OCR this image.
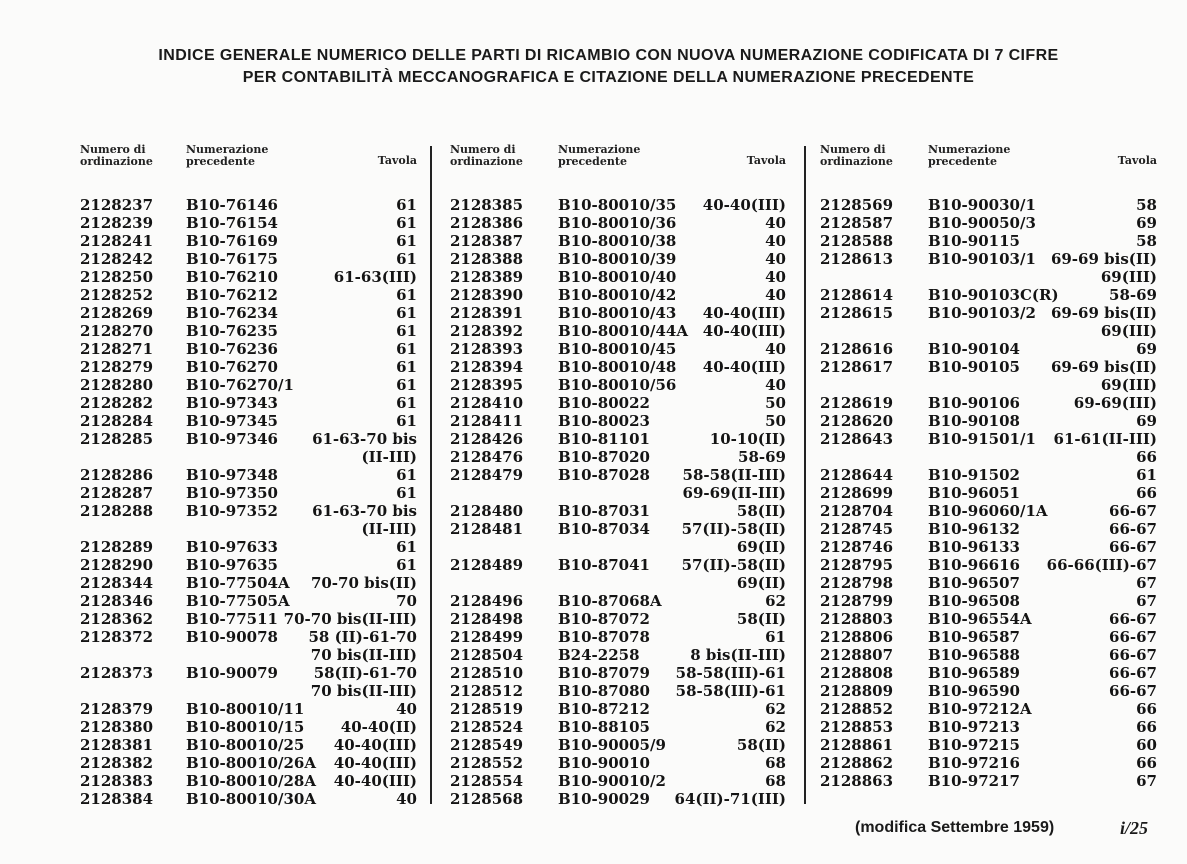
INDICE GENERALE NUMERICO DELLE PARTI DI RICAMBIO CON NUOVA NUMERAZIONE CODIFICATA DI 7 CIFRE
PER CONTABILITÀ MECCANOGRAFICA E CITAZIONE DELLA NUMERAZIONE PRECEDENTE
Numero di
ordinazione
Numerazione
precedente	Tavola
2128237 B10-76146	61
2128239 B10-76154	61
2128241 B10-76169	61
2128242 B10-76175	61
2128250 B10-76210	61-63(III)
2128252 B10-76212	61
2128269 B10-76234	61
2128270 B10-76235	61
2128271 B10-76236	61
2128279 B10-76270	61
2128280 B10-76270/1	61
2128282 B10-97343	61
2128284 B10-97345	61
2128285 B10-97346 61-63-70 bis
(II-III)
2128286 B10-97348	61
2128287 B10-97350	61
2128288 B10-97352 61-63-70 bis
(II-III)
2128289 B10-97633	61
2128290 B10-97635	61
2128344 B10-77504A 70-70 bis(II)
2128346 B10-77505A	70
2128362 B10-77511 70-70 bis(II-III)
2128372 B10-90078 58 (II)-61-70
70 bis(II-III)
2128373 B10-90079 58(II)-61-70
70 bis(II-III)
2128379 B10-80010/11	40
2128380 B10-80010/15 40-40(II)
2128381 B10-80010/25 40-40(III)
2128382 B10-80010/26A 40-40(III)
2128383 B10-80010/28A 40-40(III)
2128384 B10-80010/30A	40
Numero di
ordinazione
Numerazione
precedente	Tavola
2128385 B10-80010/35 40-40(III)
2128386 B10-80010/36	40
2128387 B10-80010/38	40
2128388 B10-80010/39	40
2128389 B10-80010/40	40
2128390 B10-80010/42	40
2128391 B10-80010/43 40-40(III)
2128392 B10-80010/44A 40-40(III)
2128393 B10-80010/45	40
2128394 B10-80010/48 40-40(III)
2128395 B10-80010/56	40
2128410 B10-80022	50
2128411 B10-80023	50
2128426 B10-81101	10-10(II)
2128476 B10-87020	58-69
2128479 B10-87028 58-58(II-III)
69-69(II-III)
2128480 B10-87031	58(II)
2128481 B10-87034 57(II)-58(II)
69(II)
2128489 B10-87041 57(II)-58(II)
69(II)
2128496 B10-87068A	62
2128498 B10-87072	58(II)
2128499 B10-87078	61
2128504 B24-2258	8 bis(II-III)
2128510 B10-87079 58-58(III)-61
2128512 B10-87080 58-58(III)-61
2128519 B10-87212	62
2128524 B10-88105	62
2128549 B10-90005/9	58(II)
2128552 B10-90010	68
2128554 B10-90010/2	68
2128568 B10-90029 64(II)-71(III)
Numero di
ordinazione
Numerazione
precedente	Tavola
2128569 B10-90030/1	58
2128587 B10-90050/3	69
2128588 B10-90115	58
2128613 B10-90103/1 69-69 bis(II)
69(III)
2128614 B10-90103C(R)	58-69
2128615 B10-90103/2 69-69 bis(II)
69(III)
2128616 B10-90104	69
2128617 B10-90105 69-69 bis(II)
69(III)
2128619 B10-90106	69-69(III)
2128620 B10-90108	69
2128643 B10-91501/1 61-61(II-III)
66
2128644 B10-91502	61
2128699 B10-96051	66
2128704 B10-96060/1A	66-67
2128745 B10-96132	66-67
2128746 B10-96133	66-67
2128795 B10-96616 66-66(III)-67
2128798 B10-96507	67
2128799 B10-96508	67
2128803 B10-96554A	66-67
2128806 B10-96587	66-67
2128807 B10-96588	66-67
2128808 B10-96589	66-67
2128809 B10-96590	66-67
2128852 B10-97212A	66
2128853 B10-97213	66
2128861 B10-97215	60
2128862 B10-97216	66
2128863 B10-97217	67
(modifica Settembre 1959)	i/25
